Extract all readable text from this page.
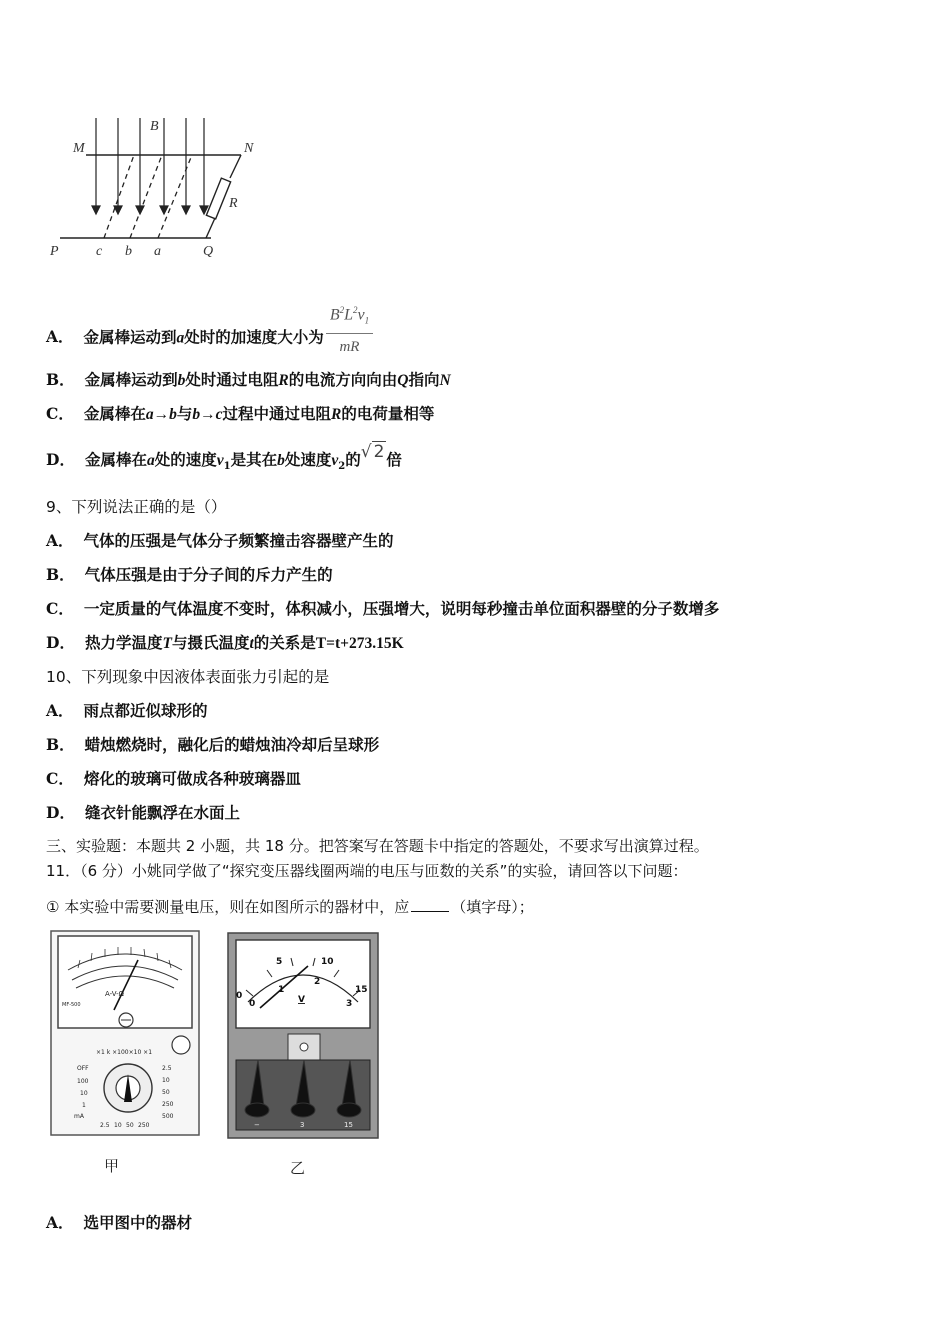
M
B
N
R
P	c b a	Q
A． 金属棒运动到a处时的加速度大小为 $\frac{B^2L^2v_1}{mR}$
B． 金属棒运动到b处时通过电阻R的电流方向向由Q指向N
C． 金属棒在a→b与b→c过程中通过电阻R的电荷量相等
D． 金属棒在a处的速度$v_1$是其在b处速度$v_2$的√ 2 倍
9、下列说法正确的是（）
A． 气体的压强是气体分子频繁撞击容器壁产生的
B． 气体压强是由于分子间的斥力产生的
C． 一定质量的气体温度不变时，体积减小，压强增大，说明每秒撞击单位面积器壁的分子数增多
D． 热力学温度T与摄氏温度t的关系是T=t+273.15K
10、下列现象中因液体表面张力引起的是
A． 雨点都近似球形的
B． 蜡烛燃烧时，融化后的蜡烛油冷却后呈球形
C． 熔化的玻璃可做成各种玻璃器皿
D． 缝衣针能飘浮在水面上
三、实验题：本题共 2 小题，共 18 分。把答案写在答题卡中指定的答题处，不要求写出演算过程。
11．（6 分）小姚同学做了“探究变压器线圈两端的电压与匝数的关系”的实验，请回答以下问题：
① 本实验中需要测量电压，则在如图所示的器材中，应	（填字母）；
A-V-Ω
MF-500
×1 k ×100×10 ×1
OFF
100
10
1
mA
2.5
10
50
250
500
2.5 10 50 250
5	10
0
1
2
3
0
15
V
−	3	15
甲	乙
A． 选甲图中的器材
